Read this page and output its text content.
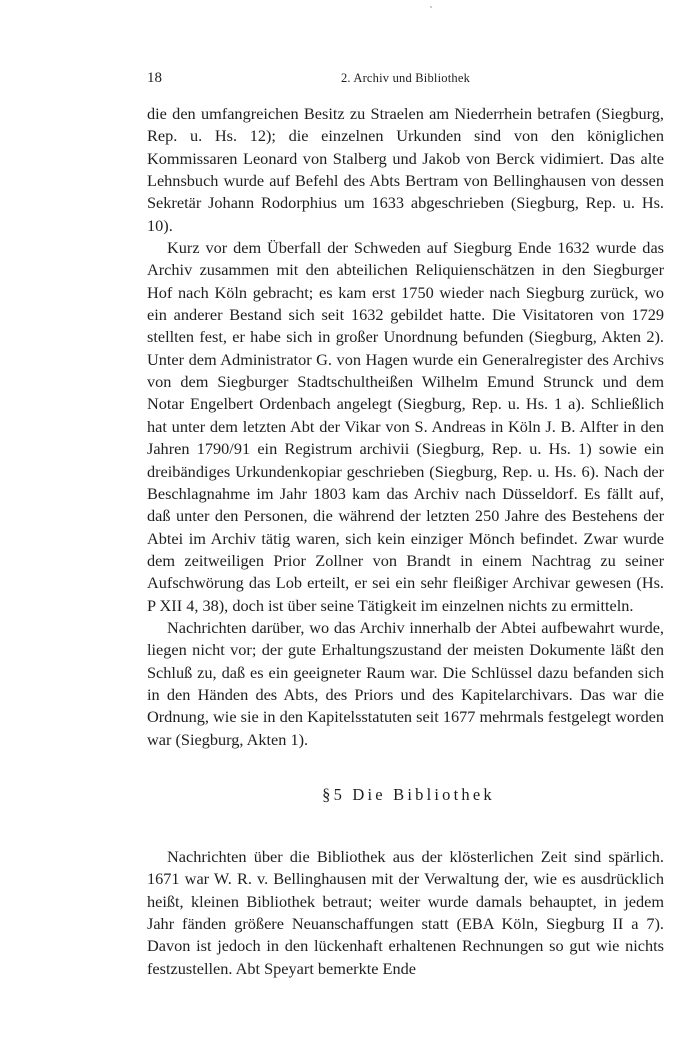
18	2. Archiv und Bibliothek

die den umfangreichen Besitz zu Straelen am Niederrhein betrafen (Siegburg, Rep. u. Hs. 12); die einzelnen Urkunden sind von den königlichen Kommissaren Leonard von Stalberg und Jakob von Berck vidimiert. Das alte Lehnsbuch wurde auf Befehl des Abts Bertram von Bellinghausen von dessen Sekretär Johann Rodorphius um 1633 abgeschrieben (Siegburg, Rep. u. Hs. 10).

Kurz vor dem Überfall der Schweden auf Siegburg Ende 1632 wurde das Archiv zusammen mit den abteilichen Reliquienschätzen in den Siegburger Hof nach Köln gebracht; es kam erst 1750 wieder nach Siegburg zurück, wo ein anderer Bestand sich seit 1632 gebildet hatte. Die Visitatoren von 1729 stellten fest, er habe sich in großer Unordnung befunden (Siegburg, Akten 2). Unter dem Administrator G. von Hagen wurde ein Generalregister des Archivs von dem Siegburger Stadtschultheißen Wilhelm Emund Strunck und dem Notar Engelbert Ordenbach angelegt (Siegburg, Rep. u. Hs. 1 a). Schließlich hat unter dem letzten Abt der Vikar von S. Andreas in Köln J. B. Alfter in den Jahren 1790/91 ein Registrum archivii (Siegburg, Rep. u. Hs. 1) sowie ein dreibändiges Urkundenkopiar geschrieben (Siegburg, Rep. u. Hs. 6). Nach der Beschlagnahme im Jahr 1803 kam das Archiv nach Düsseldorf. Es fällt auf, daß unter den Personen, die während der letzten 250 Jahre des Bestehens der Abtei im Archiv tätig waren, sich kein einziger Mönch befindet. Zwar wurde dem zeitweiligen Prior Zollner von Brandt in einem Nachtrag zu seiner Aufschwörung das Lob erteilt, er sei ein sehr fleißiger Archivar gewesen (Hs. P XII 4, 38), doch ist über seine Tätigkeit im einzelnen nichts zu ermitteln.

Nachrichten darüber, wo das Archiv innerhalb der Abtei aufbewahrt wurde, liegen nicht vor; der gute Erhaltungszustand der meisten Dokumente läßt den Schluß zu, daß es ein geeigneter Raum war. Die Schlüssel dazu befanden sich in den Händen des Abts, des Priors und des Kapitelarchivars. Das war die Ordnung, wie sie in den Kapitelsstatuten seit 1677 mehrmals festgelegt worden war (Siegburg, Akten 1).

§5 Die Bibliothek

Nachrichten über die Bibliothek aus der klösterlichen Zeit sind spärlich. 1671 war W. R. v. Bellinghausen mit der Verwaltung der, wie es ausdrücklich heißt, kleinen Bibliothek betraut; weiter wurde damals behauptet, in jedem Jahr fänden größere Neuanschaffungen statt (EBA Köln, Siegburg II a 7). Davon ist jedoch in den lückenhaft erhaltenen Rechnungen so gut wie nichts festzustellen. Abt Speyart bemerkte Ende
